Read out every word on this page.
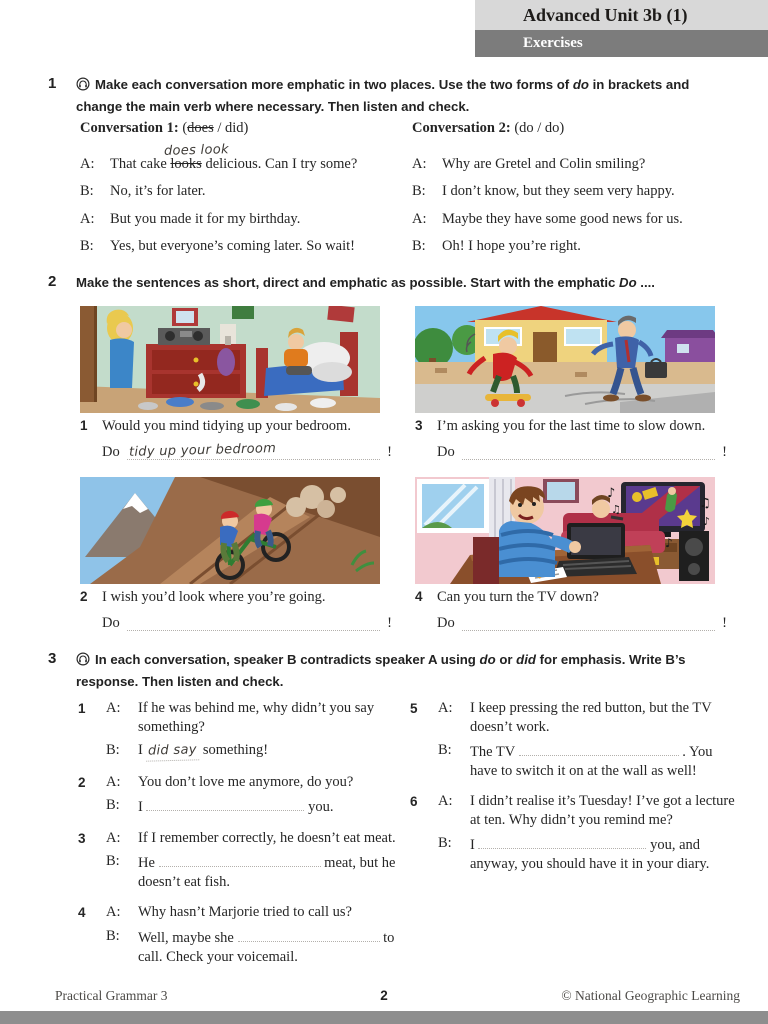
Advanced Unit 3b (1)
Exercises
1	Make each conversation more emphatic in two places. Use the two forms of do in brackets and change the main verb where necessary. Then listen and check.
Conversation 1: (does / did)
A:	That cake
does look
looks delicious. Can I try some?
B:	No, it’s for later.
A:	But you made it for my birthday.
B:	Yes, but everyone’s coming later. So wait!
Conversation 2: (do / do)
A:	Why are Gretel and Colin smiling?
B:	I don’t know, but they seem very happy.
A:	Maybe they have some good news for us.
B:	Oh! I hope you’re right.
2	Make the sentences as short, direct and emphatic as possible. Start with the emphatic Do ....
1 Would you mind tidying up your bedroom.
Do tidy up your bedroom	!
3 I’m asking you for the last time to slow down.
Do	!
♪
♫
♪
♫
♪
2 I wish you’d look where you’re going.
Do	!
4 Can you turn the TV down?
Do	!
3	In each conversation, speaker B contradicts speaker A using do or did for emphasis. Write B’s response. Then listen and check.
1	A:	If he was behind me, why didn’t you say something?
B:	I did say something!
2	A:	You don’t love me anymore, do you?
B:	I	you.
3	A:	If I remember correctly, he doesn’t eat meat.
B:	He	meat, but he doesn’t eat fish.
4	A:	Why hasn’t Marjorie tried to call us?
B:	Well, maybe she	to call. Check your voicemail.
5	A:	I keep pressing the red button, but the TV doesn’t work.
B:	The TV	. You have to switch it on at the wall as well!
6	A:	I didn’t realise it’s Tuesday! I’ve got a lecture at ten. Why didn’t you remind me?
B:	I	you, and anyway, you should have it in your diary.
Practical Grammar 3	2	© National Geographic Learning
